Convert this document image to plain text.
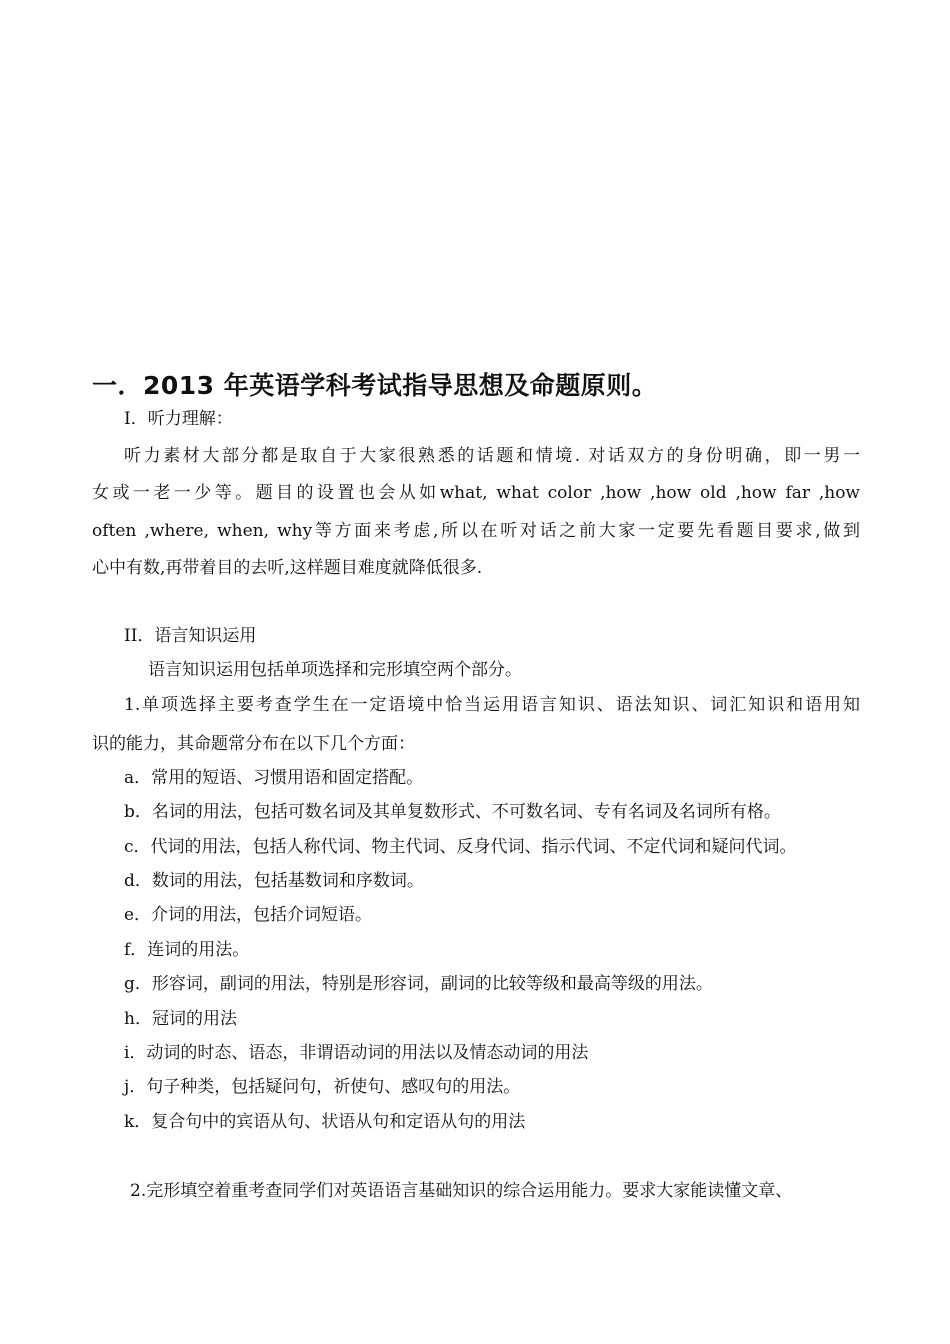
一．2013 年英语学科考试指导思想及命题原则。
I．听力理解：
听力素材大部分都是取自于大家很熟悉的话题和情境. 对话双方的身份明确，即一男一
女或一老一少等。题目的设置也会从如what, what color ,how ,how old ,how far ,how
often ,where, when, why等方面来考虑,所以在听对话之前大家一定要先看题目要求,做到
心中有数,再带着目的去听,这样题目难度就降低很多.
II．语言知识运用
语言知识运用包括单项选择和完形填空两个部分。
1.单项选择主要考查学生在一定语境中恰当运用语言知识、语法知识、词汇知识和语用知
识的能力，其命题常分布在以下几个方面：
a．常用的短语、习惯用语和固定搭配。
b．名词的用法，包括可数名词及其单复数形式、不可数名词、专有名词及名词所有格。
c．代词的用法，包括人称代词、物主代词、反身代词、指示代词、不定代词和疑问代词。
d．数词的用法，包括基数词和序数词。
e．介词的用法，包括介词短语。
f．连词的用法。
g．形容词，副词的用法，特别是形容词，副词的比较等级和最高等级的用法。
h．冠词的用法
i．动词的时态、语态，非谓语动词的用法以及情态动词的用法
j．句子种类，包括疑问句，祈使句、感叹句的用法。
k．复合句中的宾语从句、状语从句和定语从句的用法
2.完形填空着重考查同学们对英语语言基础知识的综合运用能力。要求大家能读懂文章、
